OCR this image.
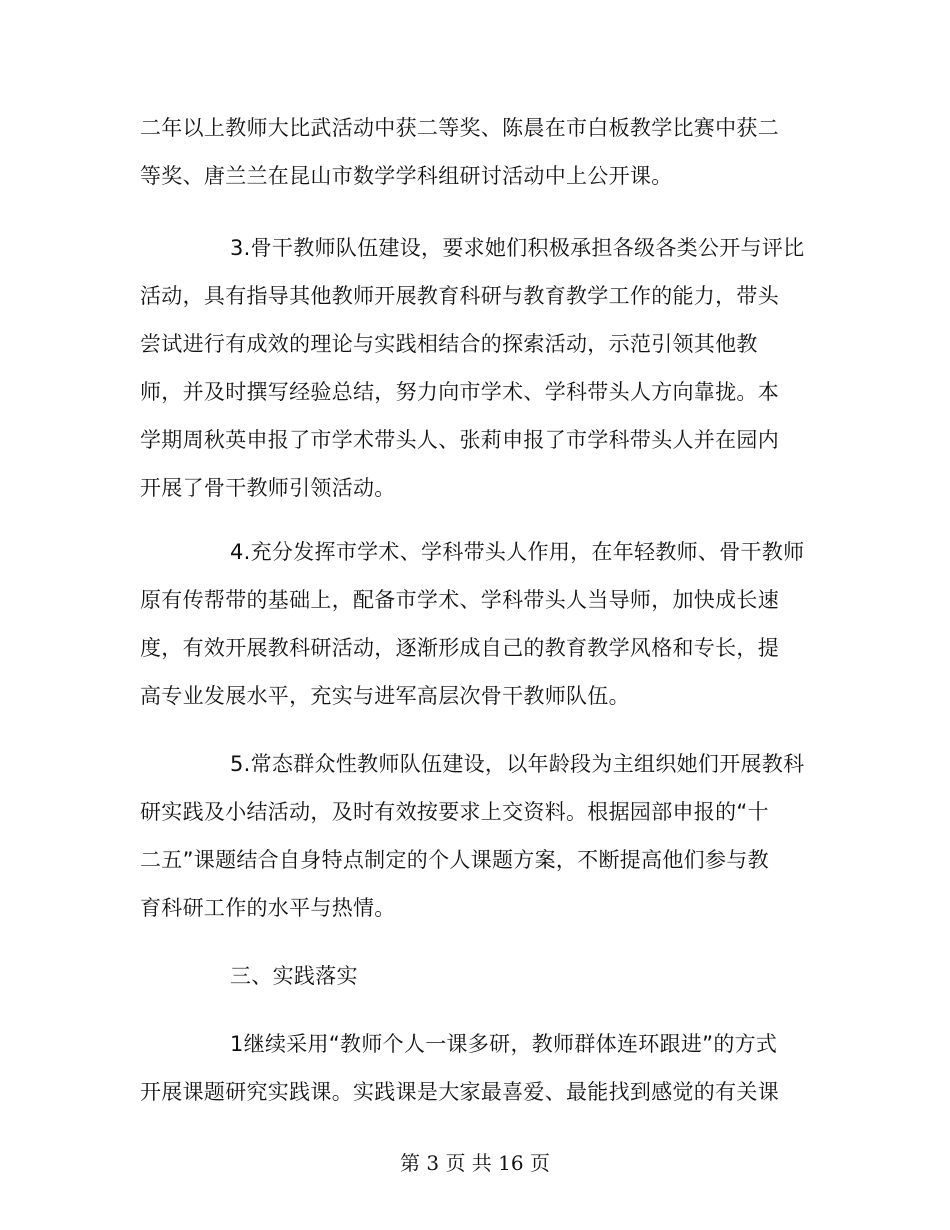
二年以上教师大比武活动中获二等奖、陈晨在市白板教学比赛中获二
等奖、唐兰兰在昆山市数学学科组研讨活动中上公开课。
3.骨干教师队伍建设，要求她们积极承担各级各类公开与评比
活动，具有指导其他教师开展教育科研与教育教学工作的能力，带头
尝试进行有成效的理论与实践相结合的探索活动，示范引领其他教
师，并及时撰写经验总结，努力向市学术、学科带头人方向靠拢。本
学期周秋英申报了市学术带头人、张莉申报了市学科带头人并在园内
开展了骨干教师引领活动。
4.充分发挥市学术、学科带头人作用，在年轻教师、骨干教师
原有传帮带的基础上，配备市学术、学科带头人当导师，加快成长速
度，有效开展教科研活动，逐渐形成自己的教育教学风格和专长，提
高专业发展水平，充实与进军高层次骨干教师队伍。
5.常态群众性教师队伍建设，以年龄段为主组织她们开展教科
研实践及小结活动，及时有效按要求上交资料。根据园部申报的“十
二五”课题结合自身特点制定的个人课题方案，不断提高他们参与教
育科研工作的水平与热情。
三、实践落实
1继续采用“教师个人一课多研，教师群体连环跟进”的方式
开展课题研究实践课。实践课是大家最喜爱、最能找到感觉的有关课
第 3 页 共 16 页
